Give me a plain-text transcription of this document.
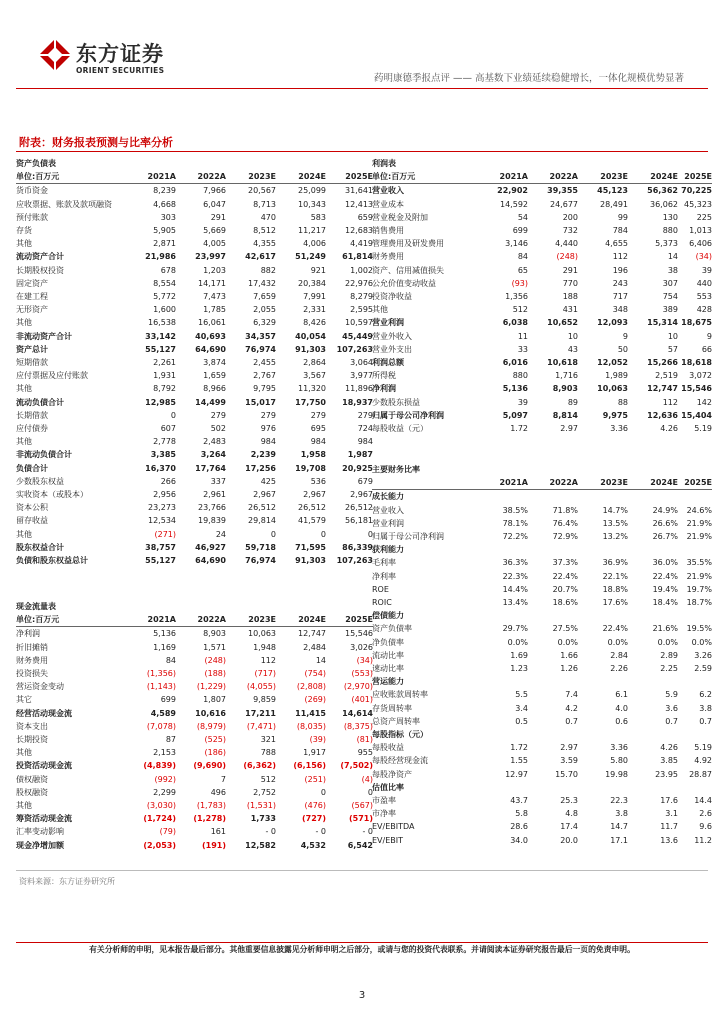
东方证券
ORIENT SECURITIES
药明康德季报点评 —— 高基数下业绩延续稳健增长，一体化规模优势显著
附表：财务报表预测与比率分析
资产负债表					
单位:百万元	2021A	2022A	2023E	2024E	2025E
货币资金	8,239	7,966	20,567	25,099	31,641
应收票据、账款及款项融资	4,668	6,047	8,713	10,343	12,413
预付账款	303	291	470	583	659
存货	5,905	5,669	8,512	11,217	12,683
其他	2,871	4,005	4,355	4,006	4,419
流动资产合计	21,986	23,997	42,617	51,249	61,814
长期股权投资	678	1,203	882	921	1,002
固定资产	8,554	14,171	17,432	20,384	22,976
在建工程	5,772	7,473	7,659	7,991	8,279
无形资产	1,600	1,785	2,055	2,331	2,595
其他	16,538	16,061	6,329	8,426	10,597
非流动资产合计	33,142	40,693	34,357	40,054	45,449
资产总计	55,127	64,690	76,974	91,303	107,263
短期借款	2,261	3,874	2,455	2,864	3,064
应付票据及应付账款	1,931	1,659	2,767	3,567	3,977
其他	8,792	8,966	9,795	11,320	11,896
流动负债合计	12,985	14,499	15,017	17,750	18,937
长期借款	0	279	279	279	279
应付债券	607	502	976	695	724
其他	2,778	2,483	984	984	984
非流动负债合计	3,385	3,264	2,239	1,958	1,987
负债合计	16,370	17,764	17,256	19,708	20,925
少数股东权益	266	337	425	536	679
实收资本（或股本）	2,956	2,961	2,967	2,967	2,967
资本公积	23,273	23,766	26,512	26,512	26,512
留存收益	12,534	19,839	29,814	41,579	56,181
其他	(271)	24	0	0	0
股东权益合计	38,757	46,927	59,718	71,595	86,339
负债和股东权益总计	55,127	64,690	76,974	91,303	107,263
现金流量表					
单位:百万元	2021A	2022A	2023E	2024E	2025E
净利润	5,136	8,903	10,063	12,747	15,546
折旧摊销	1,169	1,571	1,948	2,484	3,026
财务费用	84	(248)	112	14	(34)
投资损失	(1,356)	(188)	(717)	(754)	(553)
营运资金变动	(1,143)	(1,229)	(4,055)	(2,808)	(2,970)
其它	699	1,807	9,859	(269)	(401)
经营活动现金流	4,589	10,616	17,211	11,415	14,614
资本支出	(7,078)	(8,979)	(7,471)	(8,035)	(8,375)
长期投资	87	(525)	321	(39)	(81)
其他	2,153	(186)	788	1,917	955
投资活动现金流	(4,839)	(9,690)	(6,362)	(6,156)	(7,502)
债权融资	(992)	7	512	(251)	(4)
股权融资	2,299	496	2,752	0	0
其他	(3,030)	(1,783)	(1,531)	(476)	(567)
筹资活动现金流	(1,724)	(1,278)	1,733	(727)	(571)
汇率变动影响	(79)	161	- 0	- 0	- 0
现金净增加额	(2,053)	(191)	12,582	4,532	6,542
利润表					
单位:百万元	2021A	2022A	2023E	2024E	2025E
营业收入	22,902	39,355	45,123	56,362	70,225
营业成本	14,592	24,677	28,491	36,062	45,323
营业税金及附加	54	200	99	130	225
销售费用	699	732	784	880	1,013
管理费用及研发费用	3,146	4,440	4,655	5,373	6,406
财务费用	84	(248)	112	14	(34)
资产、信用减值损失	65	291	196	38	39
公允价值变动收益	(93)	770	243	307	440
投资净收益	1,356	188	717	754	553
其他	512	431	348	389	428
营业利润	6,038	10,652	12,093	15,314	18,675
营业外收入	11	10	9	10	9
营业外支出	33	43	50	57	66
利润总额	6,016	10,618	12,052	15,266	18,618
所得税	880	1,716	1,989	2,519	3,072
净利润	5,136	8,903	10,063	12,747	15,546
少数股东损益	39	89	88	112	142
归属于母公司净利润	5,097	8,814	9,975	12,636	15,404
每股收益（元）	1.72	2.97	3.36	4.26	5.19
主要财务比率					
	2021A	2022A	2023E	2024E	2025E
成长能力					
营业收入	38.5%	71.8%	14.7%	24.9%	24.6%
营业利润	78.1%	76.4%	13.5%	26.6%	21.9%
归属于母公司净利润	72.2%	72.9%	13.2%	26.7%	21.9%
获利能力					
毛利率	36.3%	37.3%	36.9%	36.0%	35.5%
净利率	22.3%	22.4%	22.1%	22.4%	21.9%
ROE	14.4%	20.7%	18.8%	19.4%	19.7%
ROIC	13.4%	18.6%	17.6%	18.4%	18.7%
偿债能力					
资产负债率	29.7%	27.5%	22.4%	21.6%	19.5%
净负债率	0.0%	0.0%	0.0%	0.0%	0.0%
流动比率	1.69	1.66	2.84	2.89	3.26
速动比率	1.23	1.26	2.26	2.25	2.59
营运能力					
应收账款周转率	5.5	7.4	6.1	5.9	6.2
存货周转率	3.4	4.2	4.0	3.6	3.8
总资产周转率	0.5	0.7	0.6	0.7	0.7
每股指标（元）					
每股收益	1.72	2.97	3.36	4.26	5.19
每股经营现金流	1.55	3.59	5.80	3.85	4.92
每股净资产	12.97	15.70	19.98	23.95	28.87
估值比率					
市盈率	43.7	25.3	22.3	17.6	14.4
市净率	5.8	4.8	3.8	3.1	2.6
EV/EBITDA	28.6	17.4	14.7	11.7	9.6
EV/EBIT	34.0	20.0	17.1	13.6	11.2
资料来源：东方证券研究所
有关分析师的申明，见本报告最后部分。其他重要信息披露见分析师申明之后部分，或请与您的投资代表联系。并请阅读本证券研究报告最后一页的免责申明。
3
